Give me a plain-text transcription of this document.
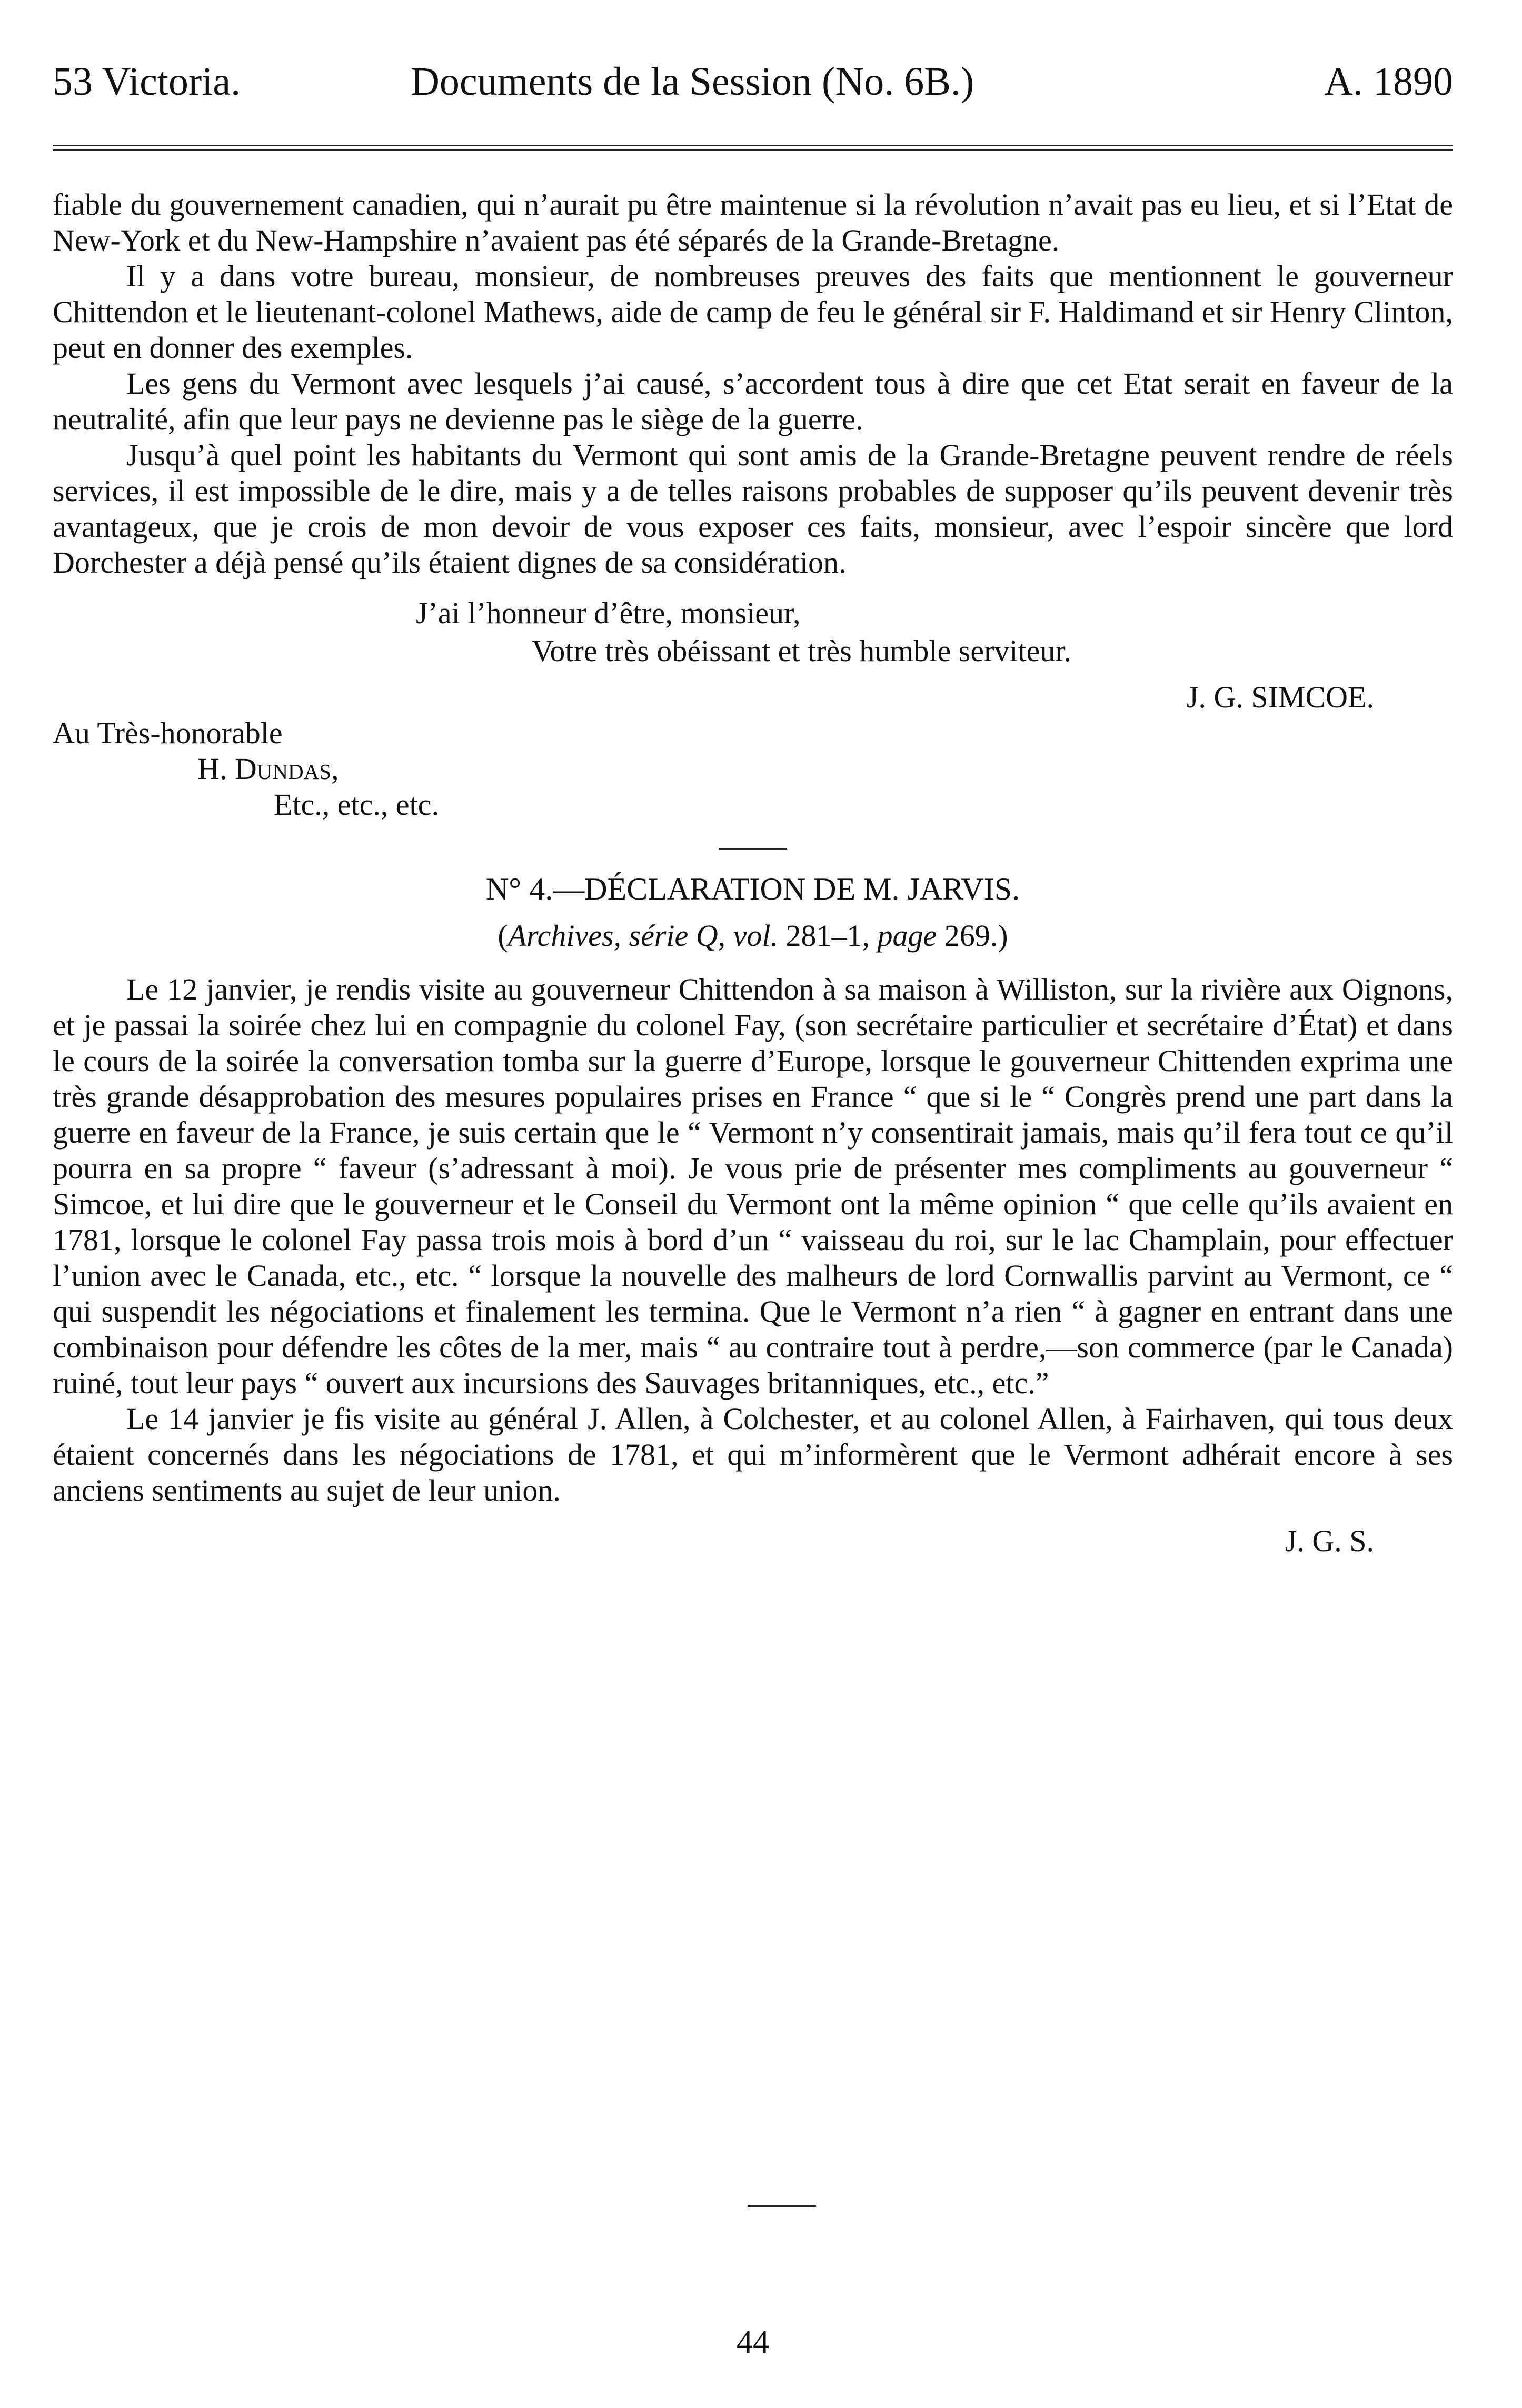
53 Victoria.	Documents de la Session (No. 6B.)	A. 1890

fiable du gouvernement canadien, qui n’aurait pu être maintenue si la révolution n’avait pas eu lieu, et si l’Etat de New-York et du New-Hampshire n’avaient pas été séparés de la Grande-Bretagne.

Il y a dans votre bureau, monsieur, de nombreuses preuves des faits que mentionnent le gouverneur Chittendon et le lieutenant-colonel Mathews, aide de camp de feu le général sir F. Haldimand et sir Henry Clinton, peut en donner des exemples.

Les gens du Vermont avec lesquels j’ai causé, s’accordent tous à dire que cet Etat serait en faveur de la neutralité, afin que leur pays ne devienne pas le siège de la guerre.

Jusqu’à quel point les habitants du Vermont qui sont amis de la Grande-Bretagne peuvent rendre de réels services, il est impossible de le dire, mais y a de telles raisons probables de supposer qu’ils peuvent devenir très avantageux, que je crois de mon devoir de vous exposer ces faits, monsieur, avec l’espoir sincère que lord Dorchester a déjà pensé qu’ils étaient dignes de sa considération.

J’ai l’honneur d’être, monsieur,

Votre très obéissant et très humble serviteur.

J. G. SIMCOE.

Au Très-honorable

H. Dundas,

Etc., etc., etc.

N° 4.—DÉCLARATION DE M. JARVIS.

(Archives, série Q, vol. 281–1, page 269.)

Le 12 janvier, je rendis visite au gouverneur Chittendon à sa maison à Williston, sur la rivière aux Oignons, et je passai la soirée chez lui en compagnie du colonel Fay, (son secrétaire particulier et secrétaire d’État) et dans le cours de la soirée la conversation tomba sur la guerre d’Europe, lorsque le gouverneur Chittenden exprima une très grande désapprobation des mesures populaires prises en France “ que si le “ Congrès prend une part dans la guerre en faveur de la France, je suis certain que le “ Vermont n’y consentirait jamais, mais qu’il fera tout ce qu’il pourra en sa propre “ faveur (s’adressant à moi). Je vous prie de présenter mes compliments au gouverneur “ Simcoe, et lui dire que le gouverneur et le Conseil du Vermont ont la même opinion “ que celle qu’ils avaient en 1781, lorsque le colonel Fay passa trois mois à bord d’un “ vaisseau du roi, sur le lac Champlain, pour effectuer l’union avec le Canada, etc., etc. “ lorsque la nouvelle des malheurs de lord Cornwallis parvint au Vermont, ce “ qui suspendit les négociations et finalement les termina. Que le Vermont n’a rien “ à gagner en entrant dans une combinaison pour défendre les côtes de la mer, mais “ au contraire tout à perdre,—son commerce (par le Canada) ruiné, tout leur pays “ ouvert aux incursions des Sauvages britanniques, etc., etc.”

Le 14 janvier je fis visite au général J. Allen, à Colchester, et au colonel Allen, à Fairhaven, qui tous deux étaient concernés dans les négociations de 1781, et qui m’informèrent que le Vermont adhérait encore à ses anciens sentiments au sujet de leur union.

J. G. S.

44
